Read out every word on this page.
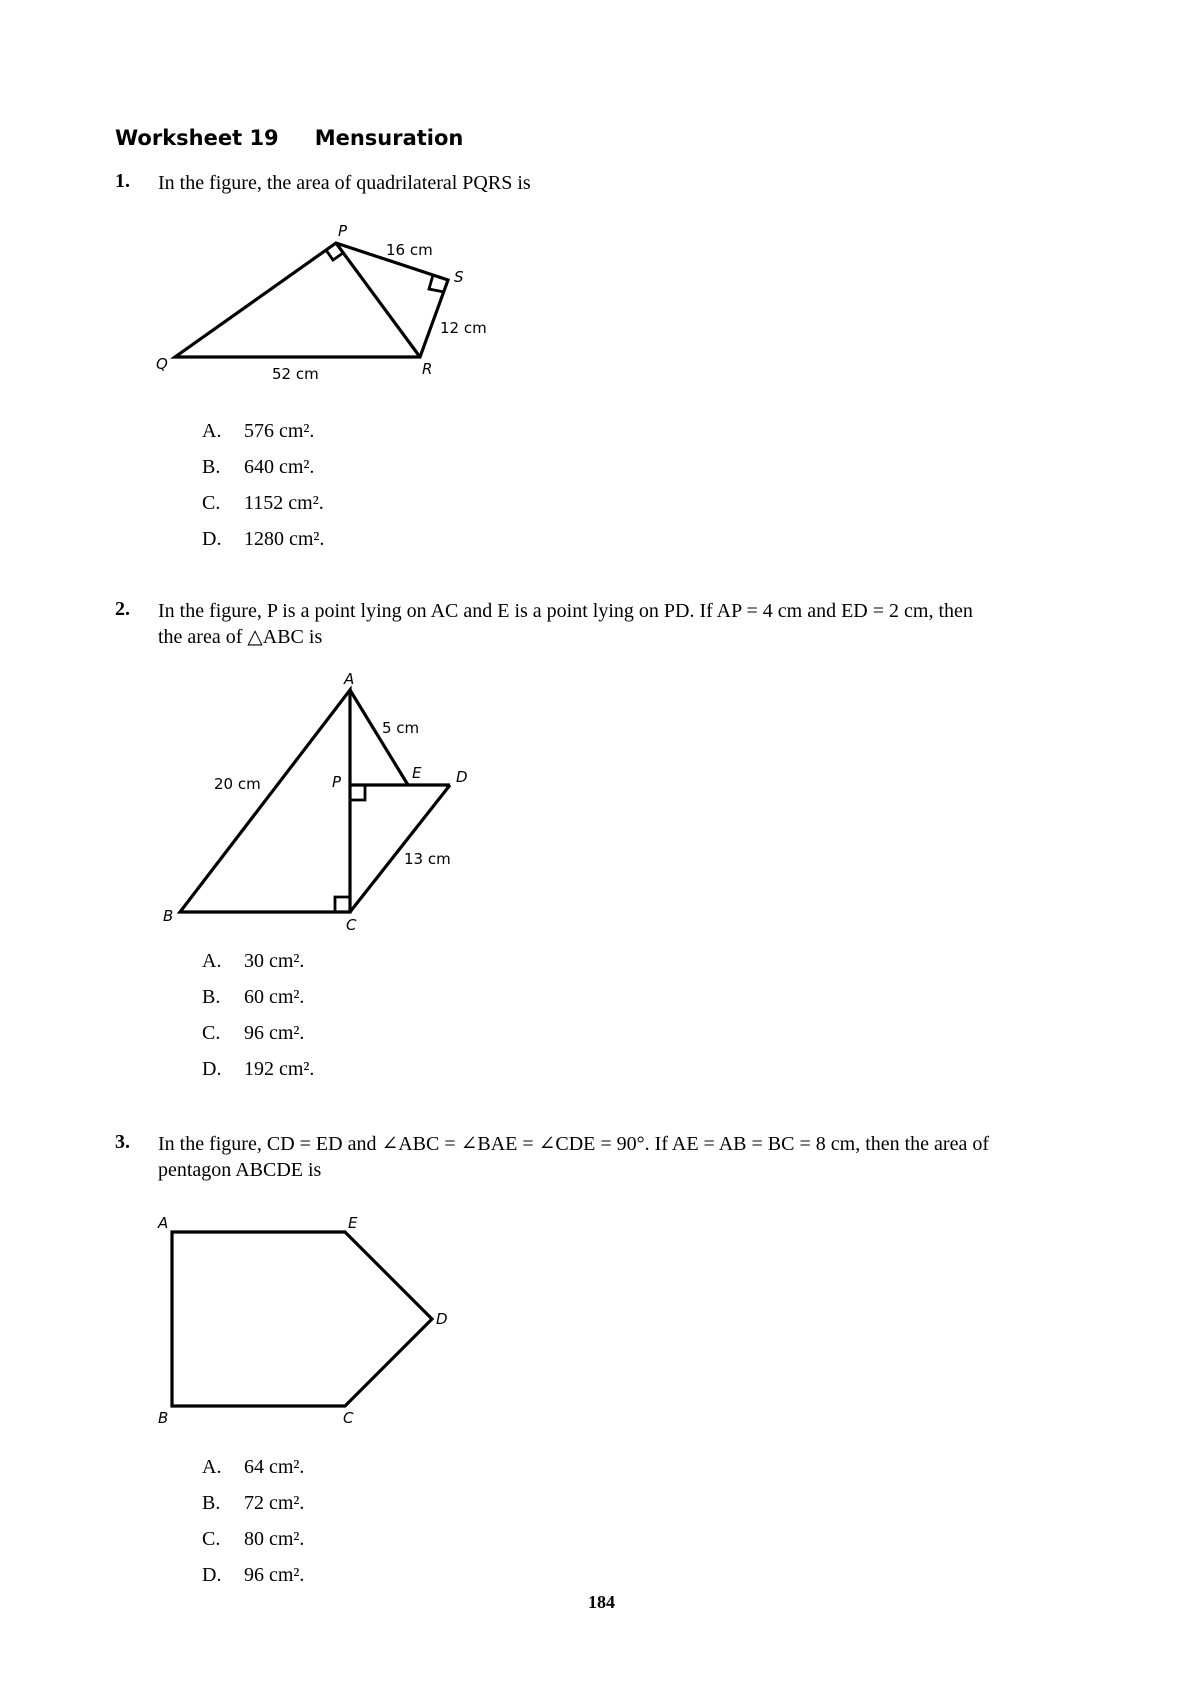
Worksheet 19 Mensuration
1. In the figure, the area of quadrilateral PQRS is
P
Q	R
S
16 cm
12 cm
52 cm
A
B	C
D
E
P
20 cm
5 cm
13 cm
A	E
D
B	C
A. 576 cm².
B. 640 cm².
C. 1152 cm².
D. 1280 cm².
2. In the figure, P is a point lying on AC and E is a point lying on PD. If AP = 4 cm and ED = 2 cm, then
the area of △ABC is
A. 30 cm².
B. 60 cm².
C. 96 cm².
D. 192 cm².
3. In the figure, CD = ED and ∠ABC = ∠BAE = ∠CDE = 90°. If AE = AB = BC = 8 cm, then the area of
pentagon ABCDE is
A. 64 cm².
B. 72 cm².
C. 80 cm².
D. 96 cm².
184
